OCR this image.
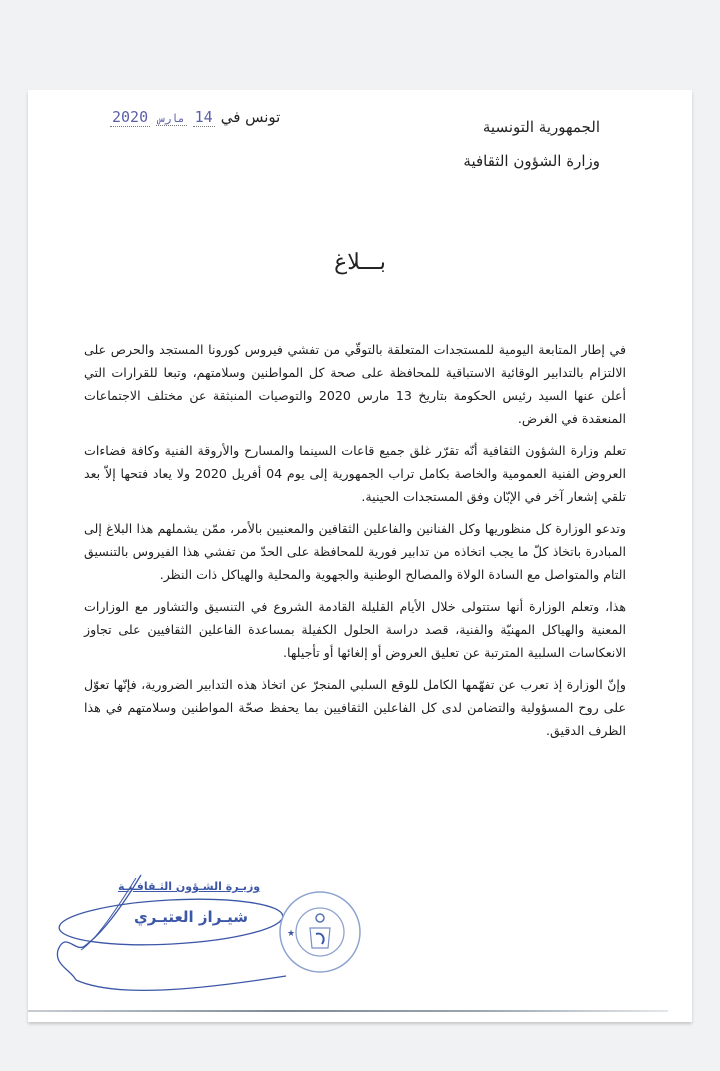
الجمهورية التونسية
وزارة الشؤون الثقافية
تونس في
14
مارس
2020
بـــلاغ

في إطار المتابعة اليومية للمستجدات المتعلقة بالتوقّي من تفشي فيروس كورونا المستجد والحرص على الالتزام بالتدابير الوقائية الاستباقية للمحافظة على صحة كل المواطنين وسلامتهم، وتبعا للقرارات التي أعلن عنها السيد رئيس الحكومة بتاريخ 13 مارس 2020 والتوصيات المنبثقة عن مختلف الاجتماعات المنعقدة في الغرض.

تعلم وزارة الشؤون الثقافية أنّه تقرّر غلق جميع قاعات السينما والمسارح والأروقة الفنية وكافة فضاءات العروض الفنية العمومية والخاصة بكامل تراب الجمهورية إلى يوم 04 أفريل 2020 ولا يعاد فتحها إلاّ بعد تلقي إشعار آخر في الإبّان وفق المستجدات الحينية.

وتدعو الوزارة كل منظوريها وكل الفنانين والفاعلين الثقافين والمعنيين بالأمر، ممّن يشملهم هذا البلاغ إلى المبادرة باتخاذ كلّ ما يجب اتخاذه من تدابير فورية للمحافظة على الحدّ من تفشي هذا الفيروس بالتنسيق التام والمتواصل مع السادة الولاة والمصالح الوطنية والجهوية والمحلية والهياكل ذات النظر.

هذا، وتعلم الوزارة أنها ستتولى خلال الأيام القليلة القادمة الشروع في التنسيق والتشاور مع الوزارات المعنية والهياكل المهنيّة والفنية، قصد دراسة الحلول الكفيلة بمساعدة الفاعلين الثقافيين على تجاوز الانعكاسات السلبية المترتبة عن تعليق العروض أو إلغائها أو تأجيلها.

وإنّ الوزارة إذ تعرب عن تفهّمها الكامل للوقع السلبي المنجرّ عن اتخاذ هذه التدابير الضرورية، فإنّها تعوّل على روح المسؤولية والتضامن لدى كل الفاعلين الثقافيين بما يحفظ صحّة المواطنين وسلامتهم في هذا الظرف الدقيق.

وزيـرة الشـؤون الثـقافـيـة
شيـراز العتيـري
★
